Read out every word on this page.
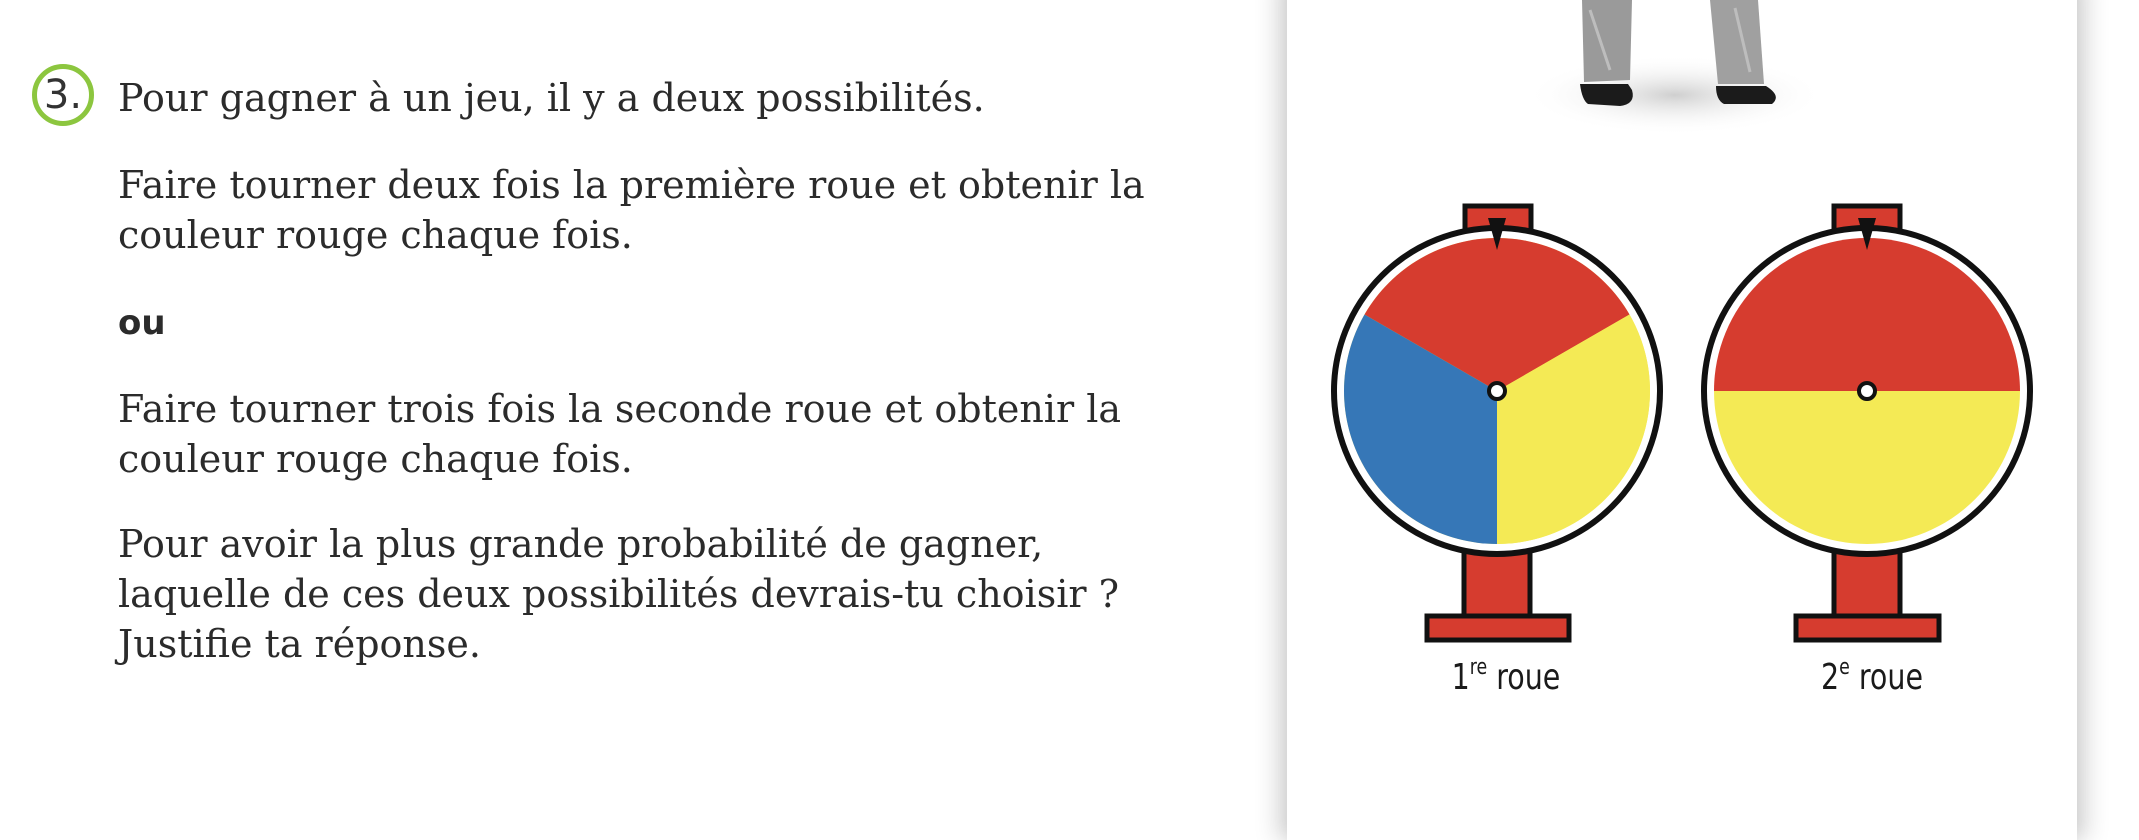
3. Pour gagner à un jeu, il y a deux possibilités.

Faire tourner deux fois la première roue et obtenir la couleur rouge chaque fois.

ou

Faire tourner trois fois la seconde roue et obtenir la couleur rouge chaque fois.

Pour avoir la plus grande probabilité de gagner, laquelle de ces deux possibilités devrais-tu choisir ? Justifie ta réponse.

1re roue	2e roue
